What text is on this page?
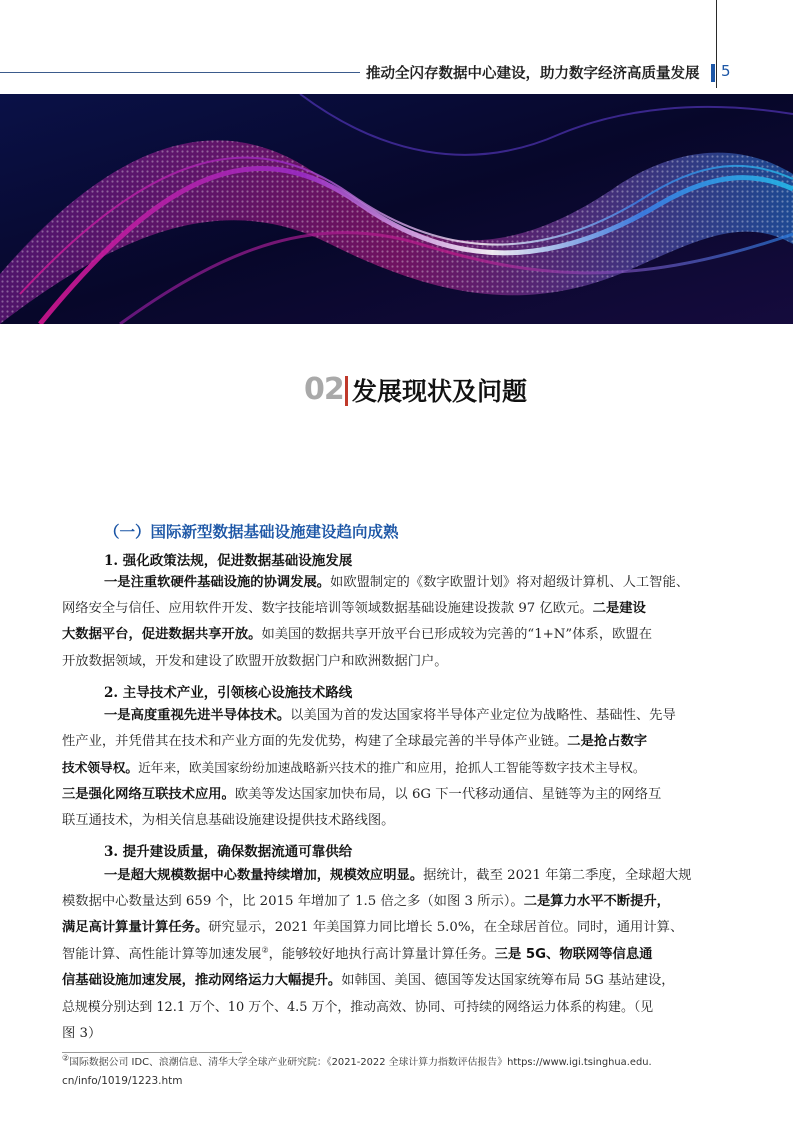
推动全闪存数据中心建设，助力数字经济高质量发展	5
02 发展现状及问题
（一）国际新型数据基础设施建设趋向成熟
1. 强化政策法规，促进数据基础设施发展
一是注重软硬件基础设施的协调发展。如欧盟制定的《数字欧盟计划》将对超级计算机、人工智能、
网络安全与信任、应用软件开发、数字技能培训等领域数据基础设施建设拨款 97 亿欧元。二是建设
大数据平台，促进数据共享开放。如美国的数据共享开放平台已形成较为完善的“1+N”体系，欧盟在
开放数据领域，开发和建设了欧盟开放数据门户和欧洲数据门户。
2. 主导技术产业，引领核心设施技术路线
一是高度重视先进半导体技术。以美国为首的发达国家将半导体产业定位为战略性、基础性、先导
性产业，并凭借其在技术和产业方面的先发优势，构建了全球最完善的半导体产业链。二是抢占数字
技术领导权。近年来，欧美国家纷纷加速战略新兴技术的推广和应用，抢抓人工智能等数字技术主导权。
三是强化网络互联技术应用。欧美等发达国家加快布局，以 6G 下一代移动通信、星链等为主的网络互
联互通技术，为相关信息基础设施建设提供技术路线图。
3. 提升建设质量，确保数据流通可靠供给
一是超大规模数据中心数量持续增加，规模效应明显。据统计，截至 2021 年第二季度，全球超大规
模数据中心数量达到 659 个，比 2015 年增加了 1.5 倍之多（如图 3 所示）。二是算力水平不断提升，
满足高计算量计算任务。研究显示，2021 年美国算力同比增长 5.0%，在全球居首位。同时，通用计算、
智能计算、高性能计算等加速发展②，能够较好地执行高计算量计算任务。三是 5G、物联网等信息通
信基础设施加速发展，推动网络运力大幅提升。如韩国、美国、德国等发达国家统筹布局 5G 基站建设，
总规模分别达到 12.1 万个、10 万个、4.5 万个，推动高效、协同、可持续的网络运力体系的构建。（见
图 3）
②国际数据公司 IDC、浪潮信息、清华大学全球产业研究院：《2021-2022 全球计算力指数评估报告》https://www.igi.tsinghua.edu.
cn/info/1019/1223.htm
